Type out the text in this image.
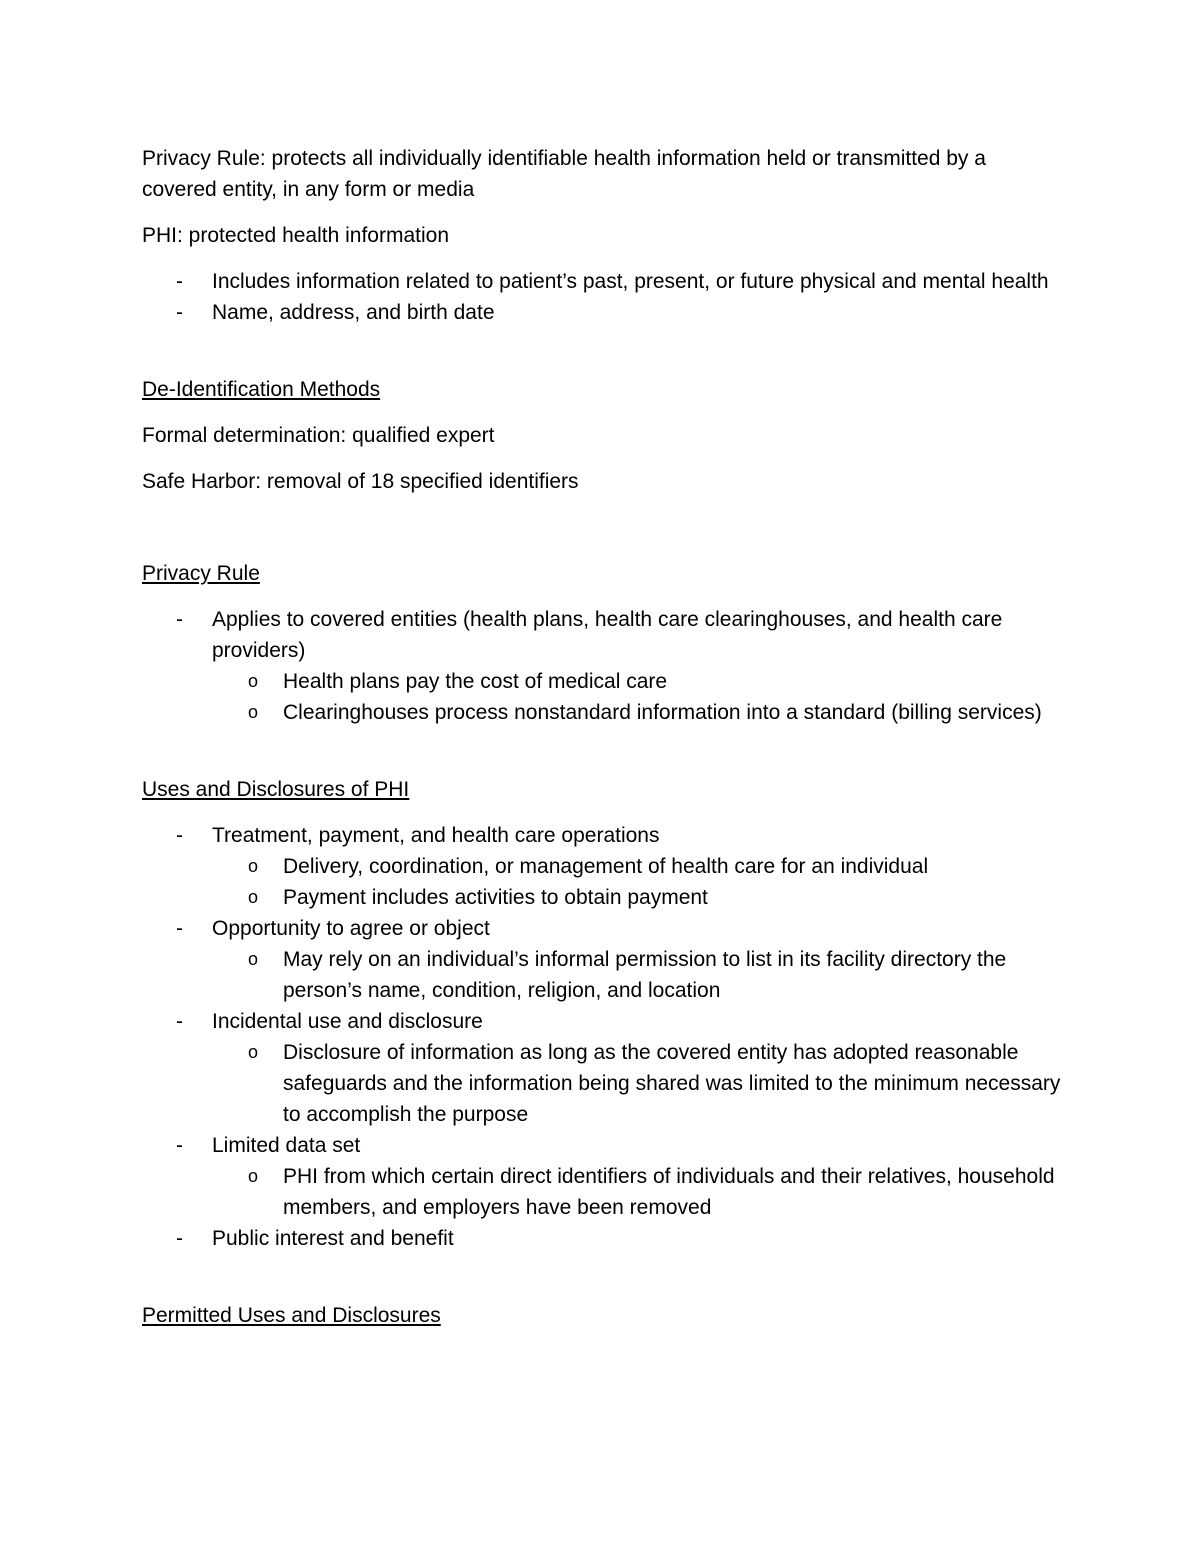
Privacy Rule: protects all individually identifiable health information held or transmitted by a covered entity, in any form or media

PHI: protected health information

- Includes information related to patient’s past, present, or future physical and mental health
- Name, address, and birth date

De-Identification Methods

Formal determination: qualified expert

Safe Harbor: removal of 18 specified identifiers

Privacy Rule

- Applies to covered entities (health plans, health care clearinghouses, and health care providers)
o Health plans pay the cost of medical care
o Clearinghouses process nonstandard information into a standard (billing services)

Uses and Disclosures of PHI

- Treatment, payment, and health care operations
o Delivery, coordination, or management of health care for an individual
o Payment includes activities to obtain payment
- Opportunity to agree or object
o May rely on an individual’s informal permission to list in its facility directory the person’s name, condition, religion, and location
- Incidental use and disclosure
o Disclosure of information as long as the covered entity has adopted reasonable safeguards and the information being shared was limited to the minimum necessary to accomplish the purpose
- Limited data set
o PHI from which certain direct identifiers of individuals and their relatives, household members, and employers have been removed
- Public interest and benefit

Permitted Uses and Disclosures
